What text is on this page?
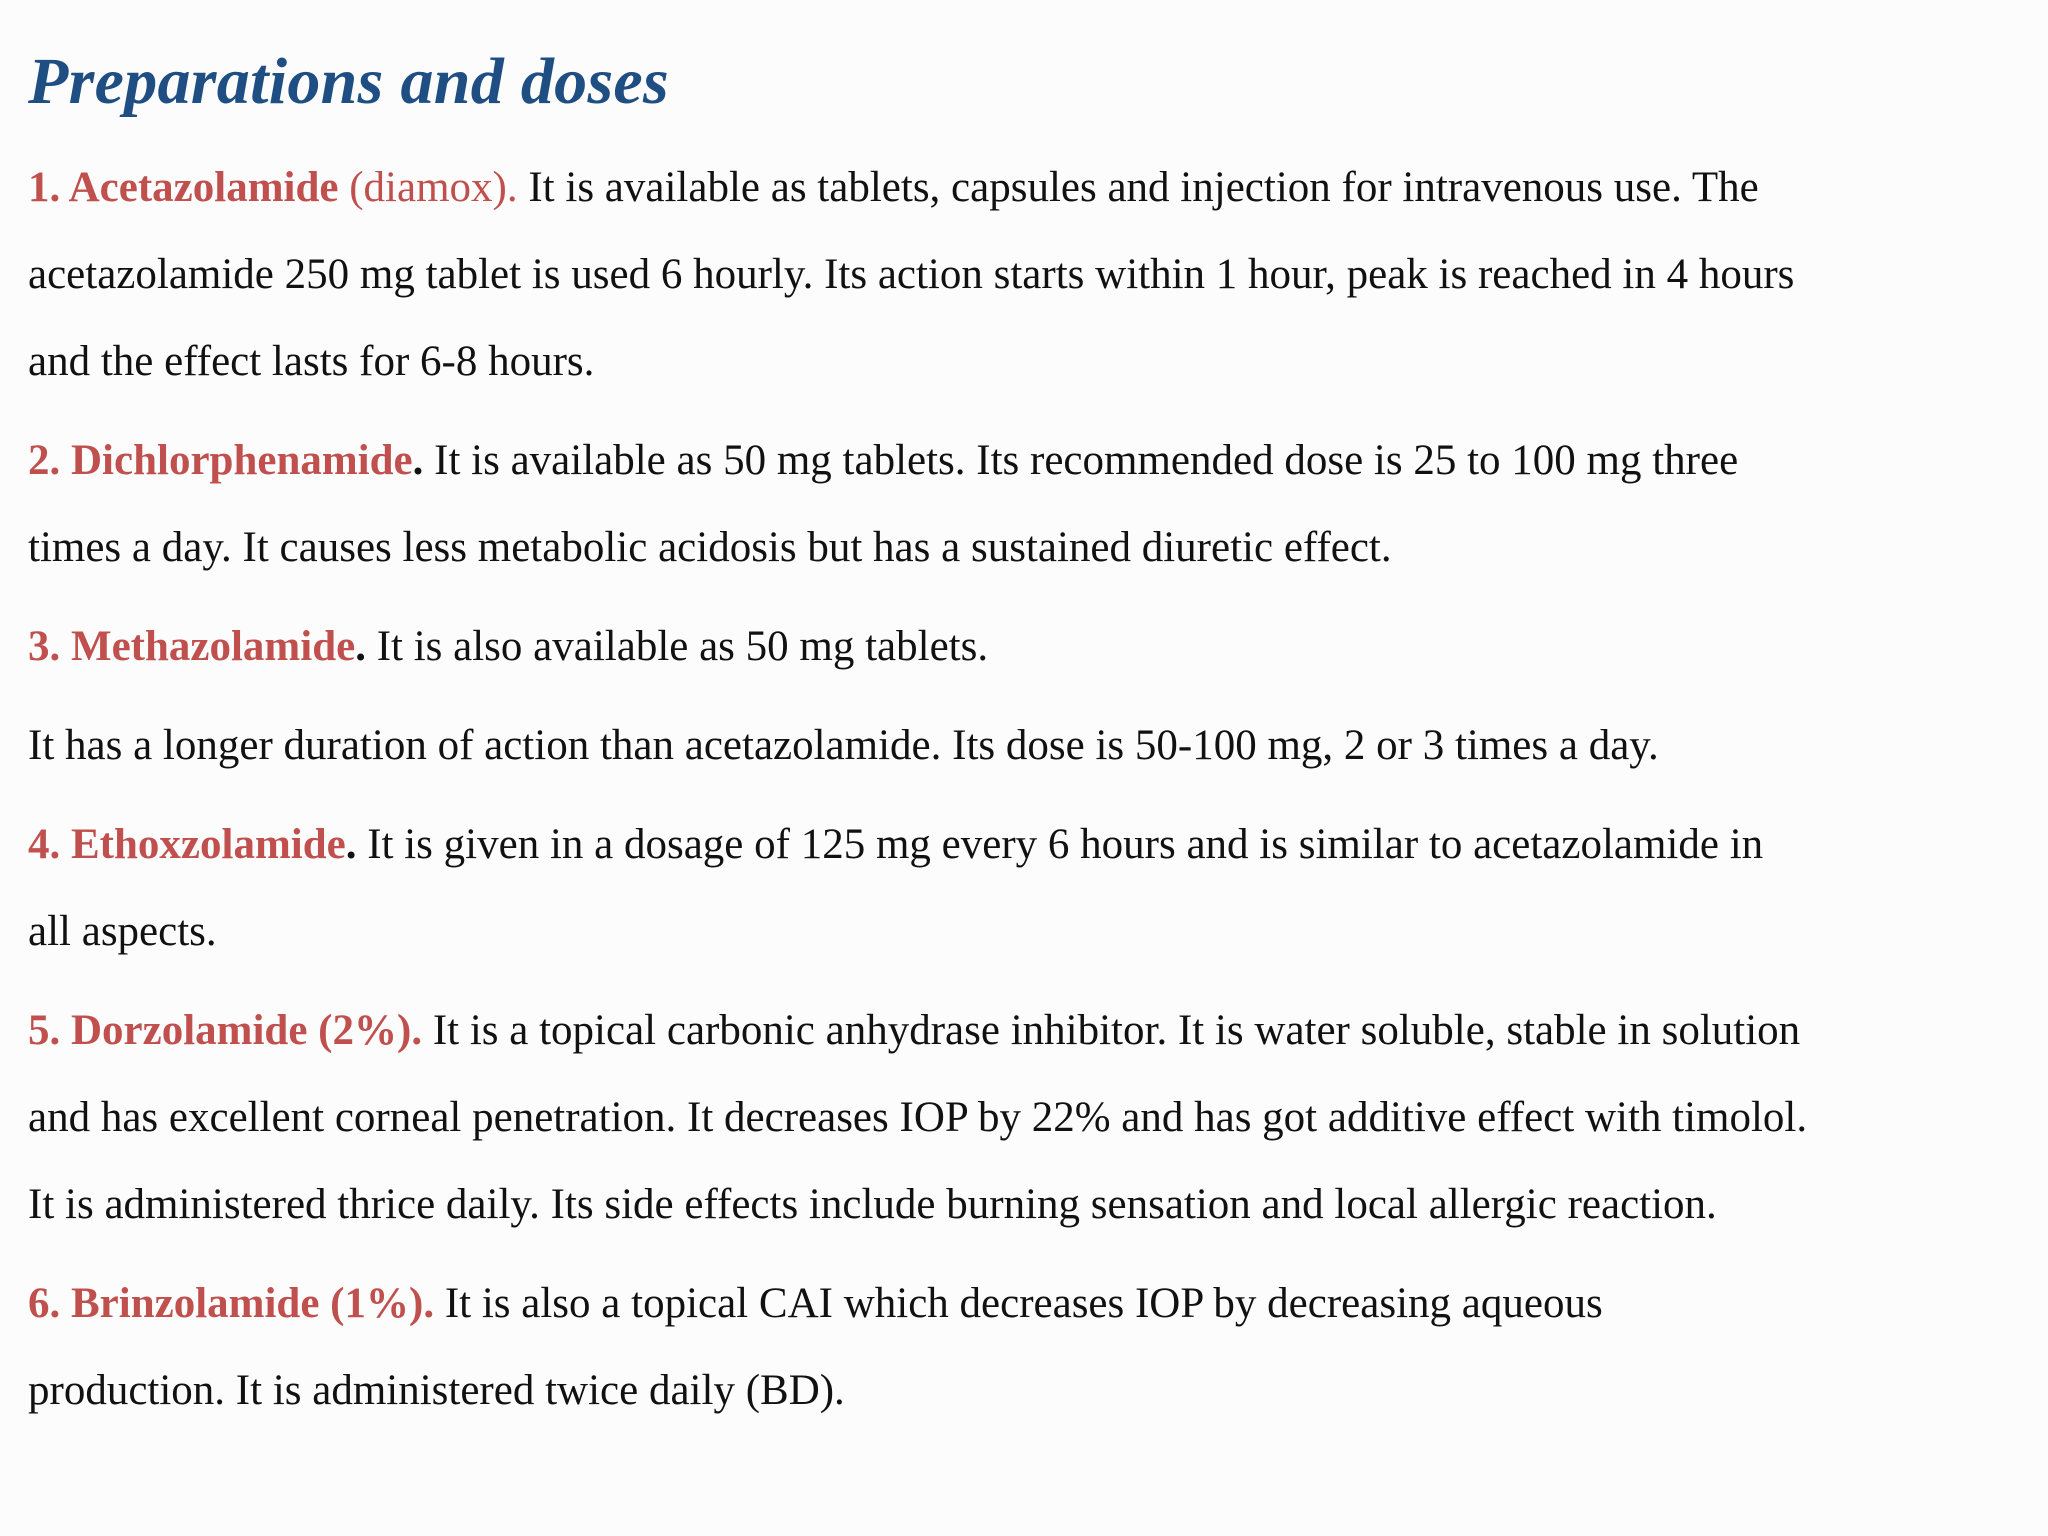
Preparations and doses

1. Acetazolamide (diamox). It is available as tablets, capsules and injection for intravenous use. The
acetazolamide 250 mg tablet is used 6 hourly. Its action starts within 1 hour, peak is reached in 4 hours
and the effect lasts for 6-8 hours.

2. Dichlorphenamide. It is available as 50 mg tablets. Its recommended dose is 25 to 100 mg three
times a day. It causes less metabolic acidosis but has a sustained diuretic effect.

3. Methazolamide. It is also available as 50 mg tablets.

It has a longer duration of action than acetazolamide. Its dose is 50-100 mg, 2 or 3 times a day.

4. Ethoxzolamide. It is given in a dosage of 125 mg every 6 hours and is similar to acetazolamide in
all aspects.

5. Dorzolamide (2%). It is a topical carbonic anhydrase inhibitor. It is water soluble, stable in solution
and has excellent corneal penetration. It decreases IOP by 22% and has got additive effect with timolol.
It is administered thrice daily. Its side effects include burning sensation and local allergic reaction.

6. Brinzolamide (1%). It is also a topical CAI which decreases IOP by decreasing aqueous
production. It is administered twice daily (BD).
